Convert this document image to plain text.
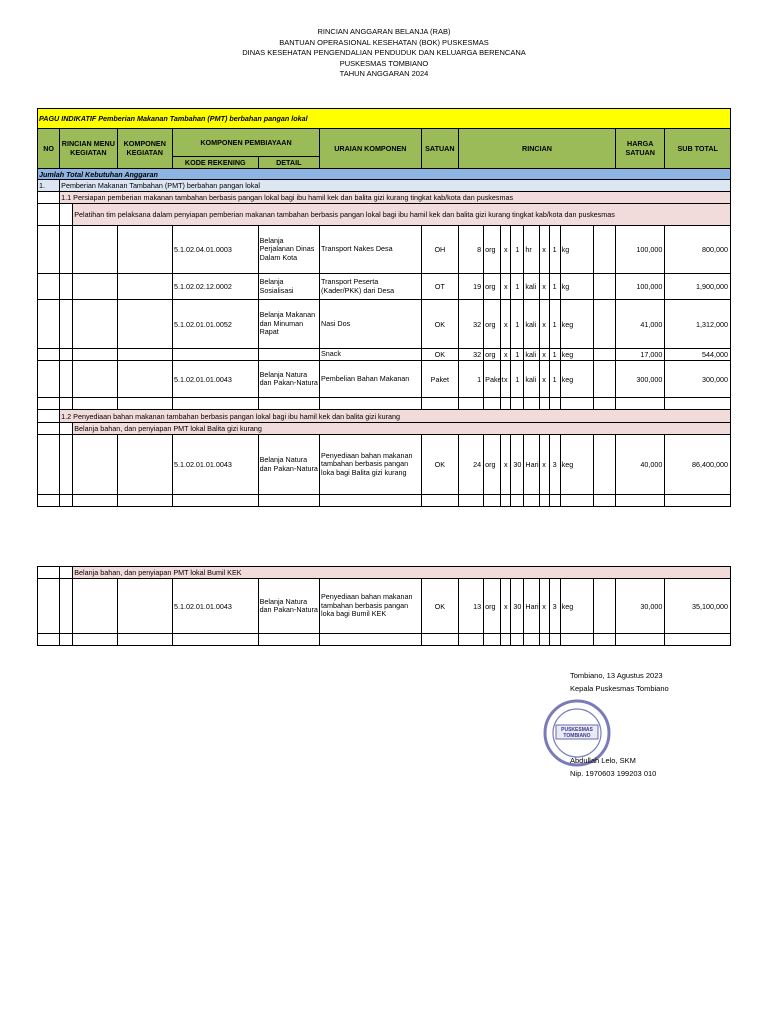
RINCIAN ANGGARAN BELANJA (RAB)
BANTUAN OPERASIONAL KESEHATAN (BOK) PUSKESMAS
DINAS KESEHATAN PENGENDALIAN PENDUDUK DAN KELUARGA BERENCANA
PUSKESMAS TOMBIANO
TAHUN ANGGARAN 2024
PAGU INDIKATIF Pemberian Makanan Tambahan (PMT) berbahan pangan lokal																		
NO	RINCIAN MENU KEGIATAN		KOMPONEN KEGIATAN	KOMPONEN PEMBIAYAAN		URAIAN KOMPONEN	SATUAN	RINCIAN									HARGA SATUAN	SUB TOTAL
				KODE REKENING	DETAIL													
Jumlah Total Kebutuhan Anggaran																		
1.	Pemberian Makanan Tambahan (PMT) berbahan pangan lokal																	
	1.1 Persiapan pemberian makanan tambahan berbasis pangan lokal bagi ibu hamil kek dan balita gizi kurang tingkat kab/kota dan puskesmas																	
		Pelatihan tim pelaksana dalam penyiapan pemberian makanan tambahan berbasis pangan lokal bagi ibu hamil kek dan balita gizi kurang tingkat kab/kota dan puskesmas																
				5.1.02.04.01.0003	Belanja Perjalanan Dinas Dalam Kota	Transport Nakes Desa	OH	8	org	x	1	hr	x	1	kg		100,000	800,000
				5.1.02.02.12.0002	Belanja Sosialisasi	Transport Peserta (Kader/PKK) dari Desa	OT	19	org	x	1	kali	x	1	kg		100,000	1,900,000
				5.1.02.01.01.0052	Belanja Makanan dan Minuman Rapat	Nasi Dos	OK	32	org	x	1	kali	x	1	keg		41,000	1,312,000
						Snack	OK	32	org	x	1	kali	x	1	keg		17,000	544,000
				5.1.02.01.01.0043	Belanja Natura dan Pakan-Natura	Pembelian Bahan Makanan	Paket	1	Paket	x	1	kali	x	1	keg		300,000	300,000

	1.2 Penyediaan bahan makanan tambahan berbasis pangan lokal bagi ibu hamil kek dan balita gizi kurang																	
		Belanja bahan, dan penyiapan PMT lokal Balita gizi kurang																
				5.1.02.01.01.0043	Belanja Natura dan Pakan-Natura	Penyediaan bahan makanan tambahan berbasis pangan loka bagi Balita gizi kurang	OK	24	org	x	30	Hari	x	3	keg		40,000	86,400,000

		Belanja bahan, dan penyiapan PMT lokal Bumil KEK																
				5.1.02.01.01.0043	Belanja Natura dan Pakan-Natura	Penyediaan bahan makanan tambahan berbasis pangan loka bagi Bumil KEK	OK	13	org	x	30	Hari	x	3	keg		30,000	35,100,000

Tombiano, 13 Agustus 2023
Kepala Puskesmas Tombiano
PUSKESMAS
TOMBIANO
Abdullah Lelo, SKM
Nip. 1970603 199203 010
